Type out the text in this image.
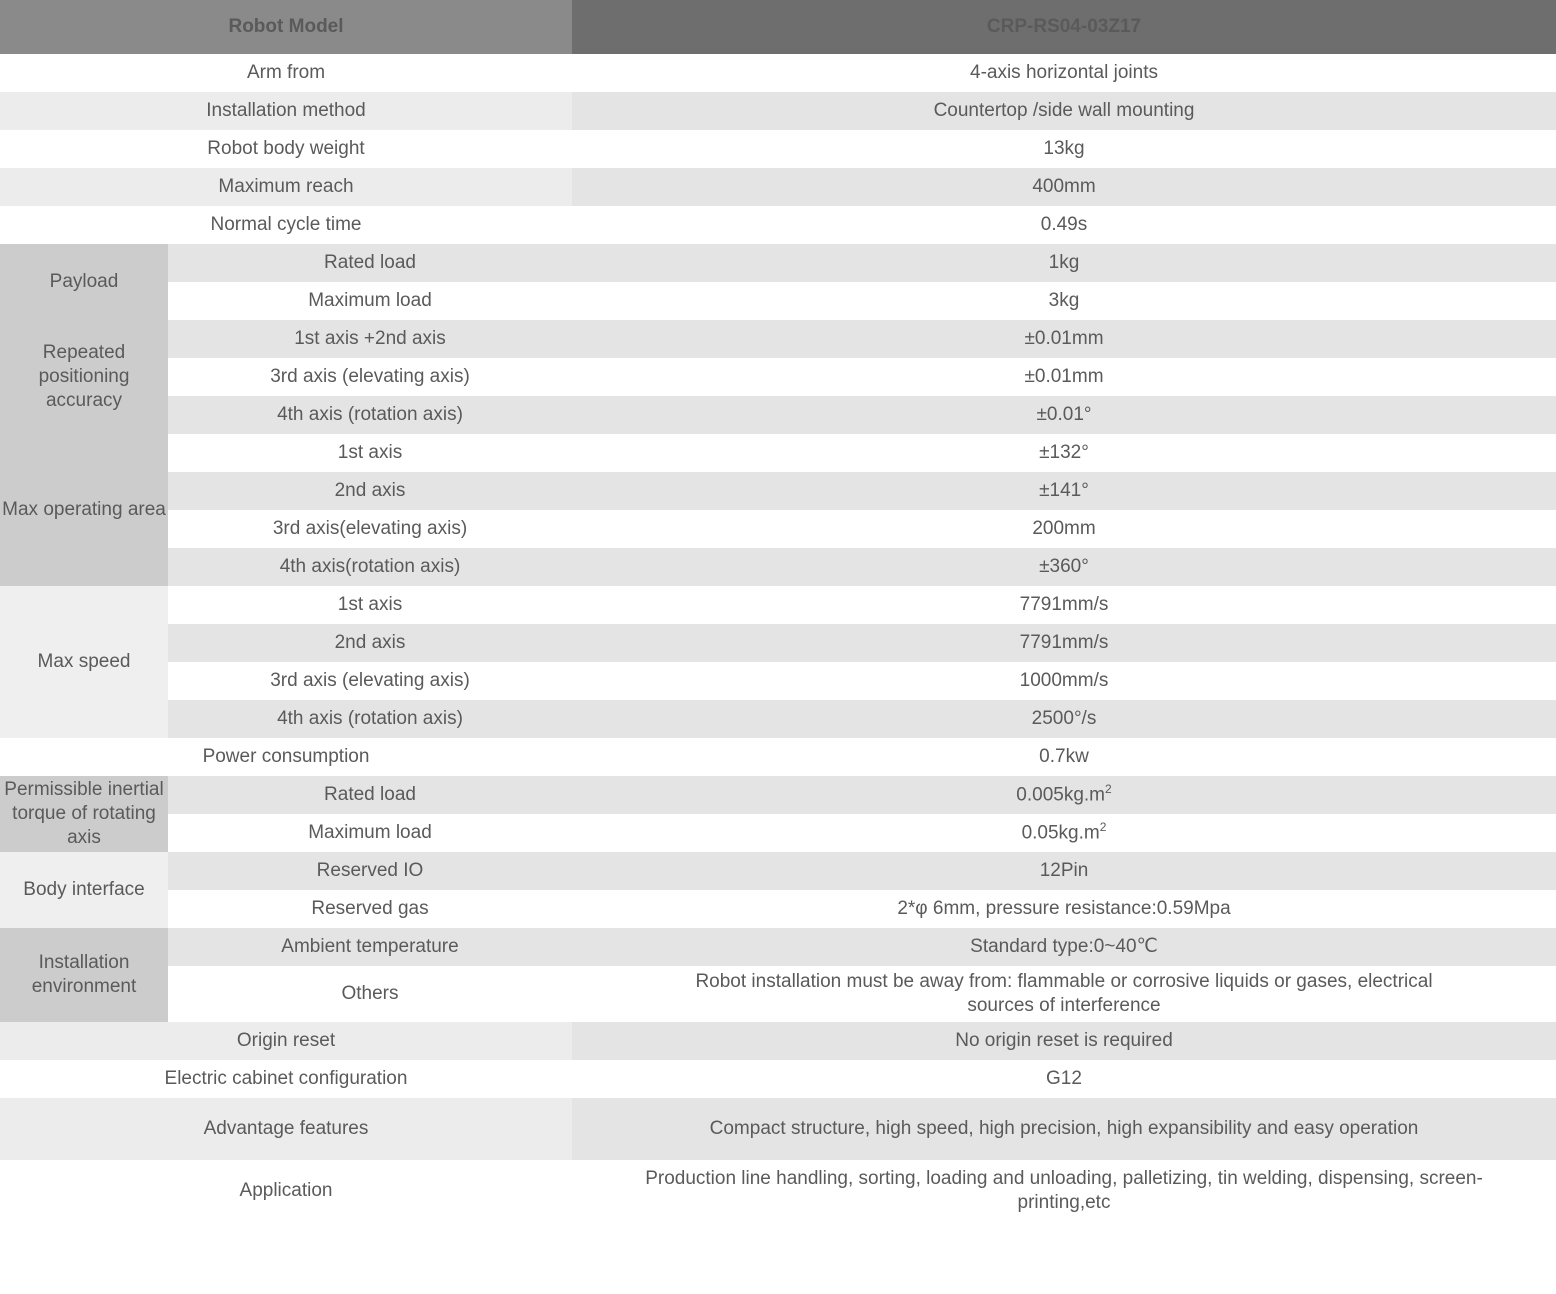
Robot Model		CRP-RS04-03Z17
Arm from		4-axis horizontal joints
Installation method		Countertop /side wall mounting
Robot body weight		13kg
Maximum reach		400mm
Normal cycle time		0.49s
Payload	Rated load	1kg
	Maximum load	3kg
Repeated positioning accuracy	1st axis +2nd axis	±0.01mm
	3rd axis (elevating axis)	±0.01mm
	4th axis (rotation axis)	±0.01°
Max operating area	1st axis	±132°
	2nd axis	±141°
	3rd axis(elevating axis)	200mm
	4th axis(rotation axis)	±360°
Max speed	1st axis	7791mm/s
	2nd axis	7791mm/s
	3rd axis (elevating axis)	1000mm/s
	4th axis (rotation axis)	2500°/s
Power consumption		0.7kw
Permissible inertial torque of rotating axis	Rated load	$0.005kg.m^2$
	Maximum load	$0.05kg.m^2$
Body interface	Reserved IO	12Pin
	Reserved gas	2*φ 6mm, pressure resistance:0.59Mpa
Installation environment	Ambient temperature	Standard type:0~40℃
	Others	Robot installation must be away from: flammable or corrosive liquids or gases, electrical sources of interference
Origin reset		No origin reset is required
Electric cabinet configuration		G12
Advantage features		Compact structure, high speed, high precision, high expansibility and easy operation
Application		Production line handling, sorting, loading and unloading, palletizing, tin welding, dispensing, screen-printing,etc
